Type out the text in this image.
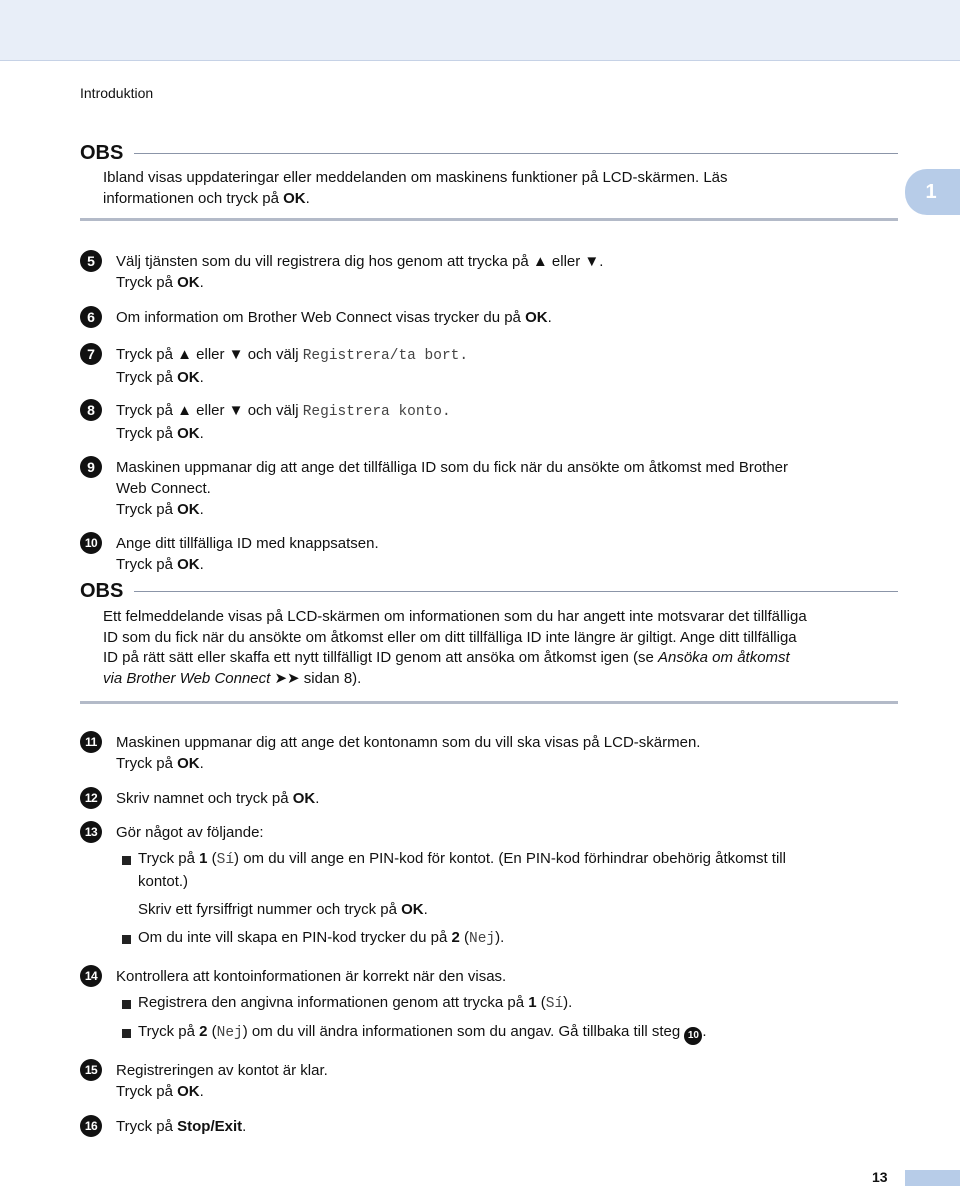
Introduktion
1
OBS
Ibland visas uppdateringar eller meddelanden om maskinens funktioner på LCD-skärmen. Läs
informationen och tryck på OK.
5	Välj tjänsten som du vill registrera dig hos genom att trycka på ▲ eller ▼.
Tryck på OK.
6	Om information om Brother Web Connect visas trycker du på OK.
7	Tryck på ▲ eller ▼ och välj Registrera/ta bort.
Tryck på OK.
8	Tryck på ▲ eller ▼ och välj Registrera konto.
Tryck på OK.
9	Maskinen uppmanar dig att ange det tillfälliga ID som du fick när du ansökte om åtkomst med Brother
Web Connect.
Tryck på OK.
10	Ange ditt tillfälliga ID med knappsatsen.
Tryck på OK.
OBS
Ett felmeddelande visas på LCD-skärmen om informationen som du har angett inte motsvarar det tillfälliga
ID som du fick när du ansökte om åtkomst eller om ditt tillfälliga ID inte längre är giltigt. Ange ditt tillfälliga
ID på rätt sätt eller skaffa ett nytt tillfälligt ID genom att ansöka om åtkomst igen (se Ansöka om åtkomst
via Brother Web Connect ➤➤ sidan 8).
11	Maskinen uppmanar dig att ange det kontonamn som du vill ska visas på LCD-skärmen.
Tryck på OK.
12	Skriv namnet och tryck på OK.
13	Gör något av följande:
Tryck på 1 (Sí) om du vill ange en PIN-kod för kontot. (En PIN-kod förhindrar obehörig åtkomst till
kontot.)
Skriv ett fyrsiffrigt nummer och tryck på OK.
Om du inte vill skapa en PIN-kod trycker du på 2 (Nej).
14	Kontrollera att kontoinformationen är korrekt när den visas.
Registrera den angivna informationen genom att trycka på 1 (Sí).
Tryck på 2 (Nej) om du vill ändra informationen som du angav. Gå tillbaka till steg 10 .
15	Registreringen av kontot är klar.
Tryck på OK.
16	Tryck på Stop/Exit.
13
